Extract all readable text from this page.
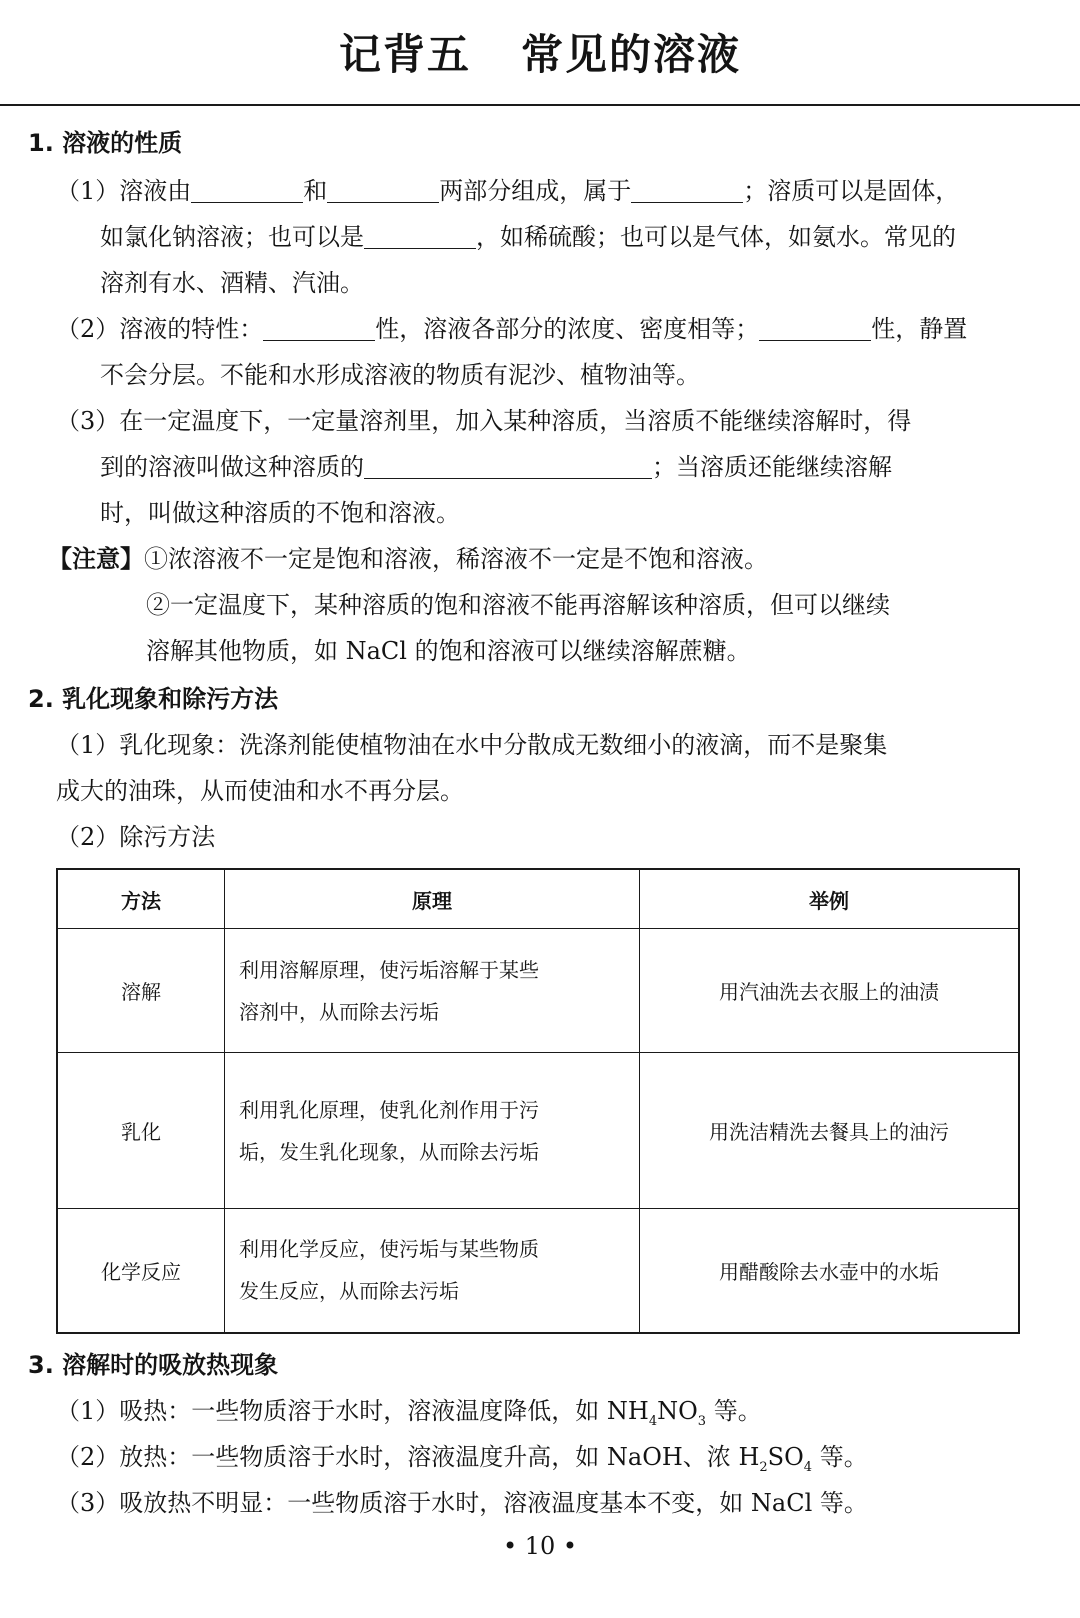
记背五 常见的溶液
1. 溶液的性质
（1）溶液由	和	两部分组成，属于	；溶质可以是固体，
如氯化钠溶液；也可以是	，如稀硫酸；也可以是气体，如氨水。常见的
溶剂有水、酒精、汽油。
（2）溶液的特性：	性，溶液各部分的浓度、密度相等；	性，静置
不会分层。不能和水形成溶液的物质有泥沙、植物油等。
（3）在一定温度下，一定量溶剂里，加入某种溶质，当溶质不能继续溶解时，得
到的溶液叫做这种溶质的	；当溶质还能继续溶解
时，叫做这种溶质的不饱和溶液。
【注意】①浓溶液不一定是饱和溶液，稀溶液不一定是不饱和溶液。
②一定温度下，某种溶质的饱和溶液不能再溶解该种溶质，但可以继续
溶解其他物质，如 NaCl 的饱和溶液可以继续溶解蔗糖。
2. 乳化现象和除污方法
（1）乳化现象：洗涤剂能使植物油在水中分散成无数细小的液滴，而不是聚集
成大的油珠，从而使油和水不再分层。
（2）除污方法
方法	原理	举例
溶解	利用溶解原理，使污垢溶解于某些
溶剂中，从而除去污垢	用汽油洗去衣服上的油渍
乳化	利用乳化原理，使乳化剂作用于污
垢，发生乳化现象，从而除去污垢	用洗洁精洗去餐具上的油污
化学反应	利用化学反应，使污垢与某些物质
发生反应，从而除去污垢	用醋酸除去水壶中的水垢
3. 溶解时的吸放热现象
（1）吸热：一些物质溶于水时，溶液温度降低，如 $NH_4NO_3$ 等。
（2）放热：一些物质溶于水时，溶液温度升高，如 NaOH、浓 $H_2SO_4$ 等。
（3）吸放热不明显：一些物质溶于水时，溶液温度基本不变，如 NaCl 等。
• 10 •
